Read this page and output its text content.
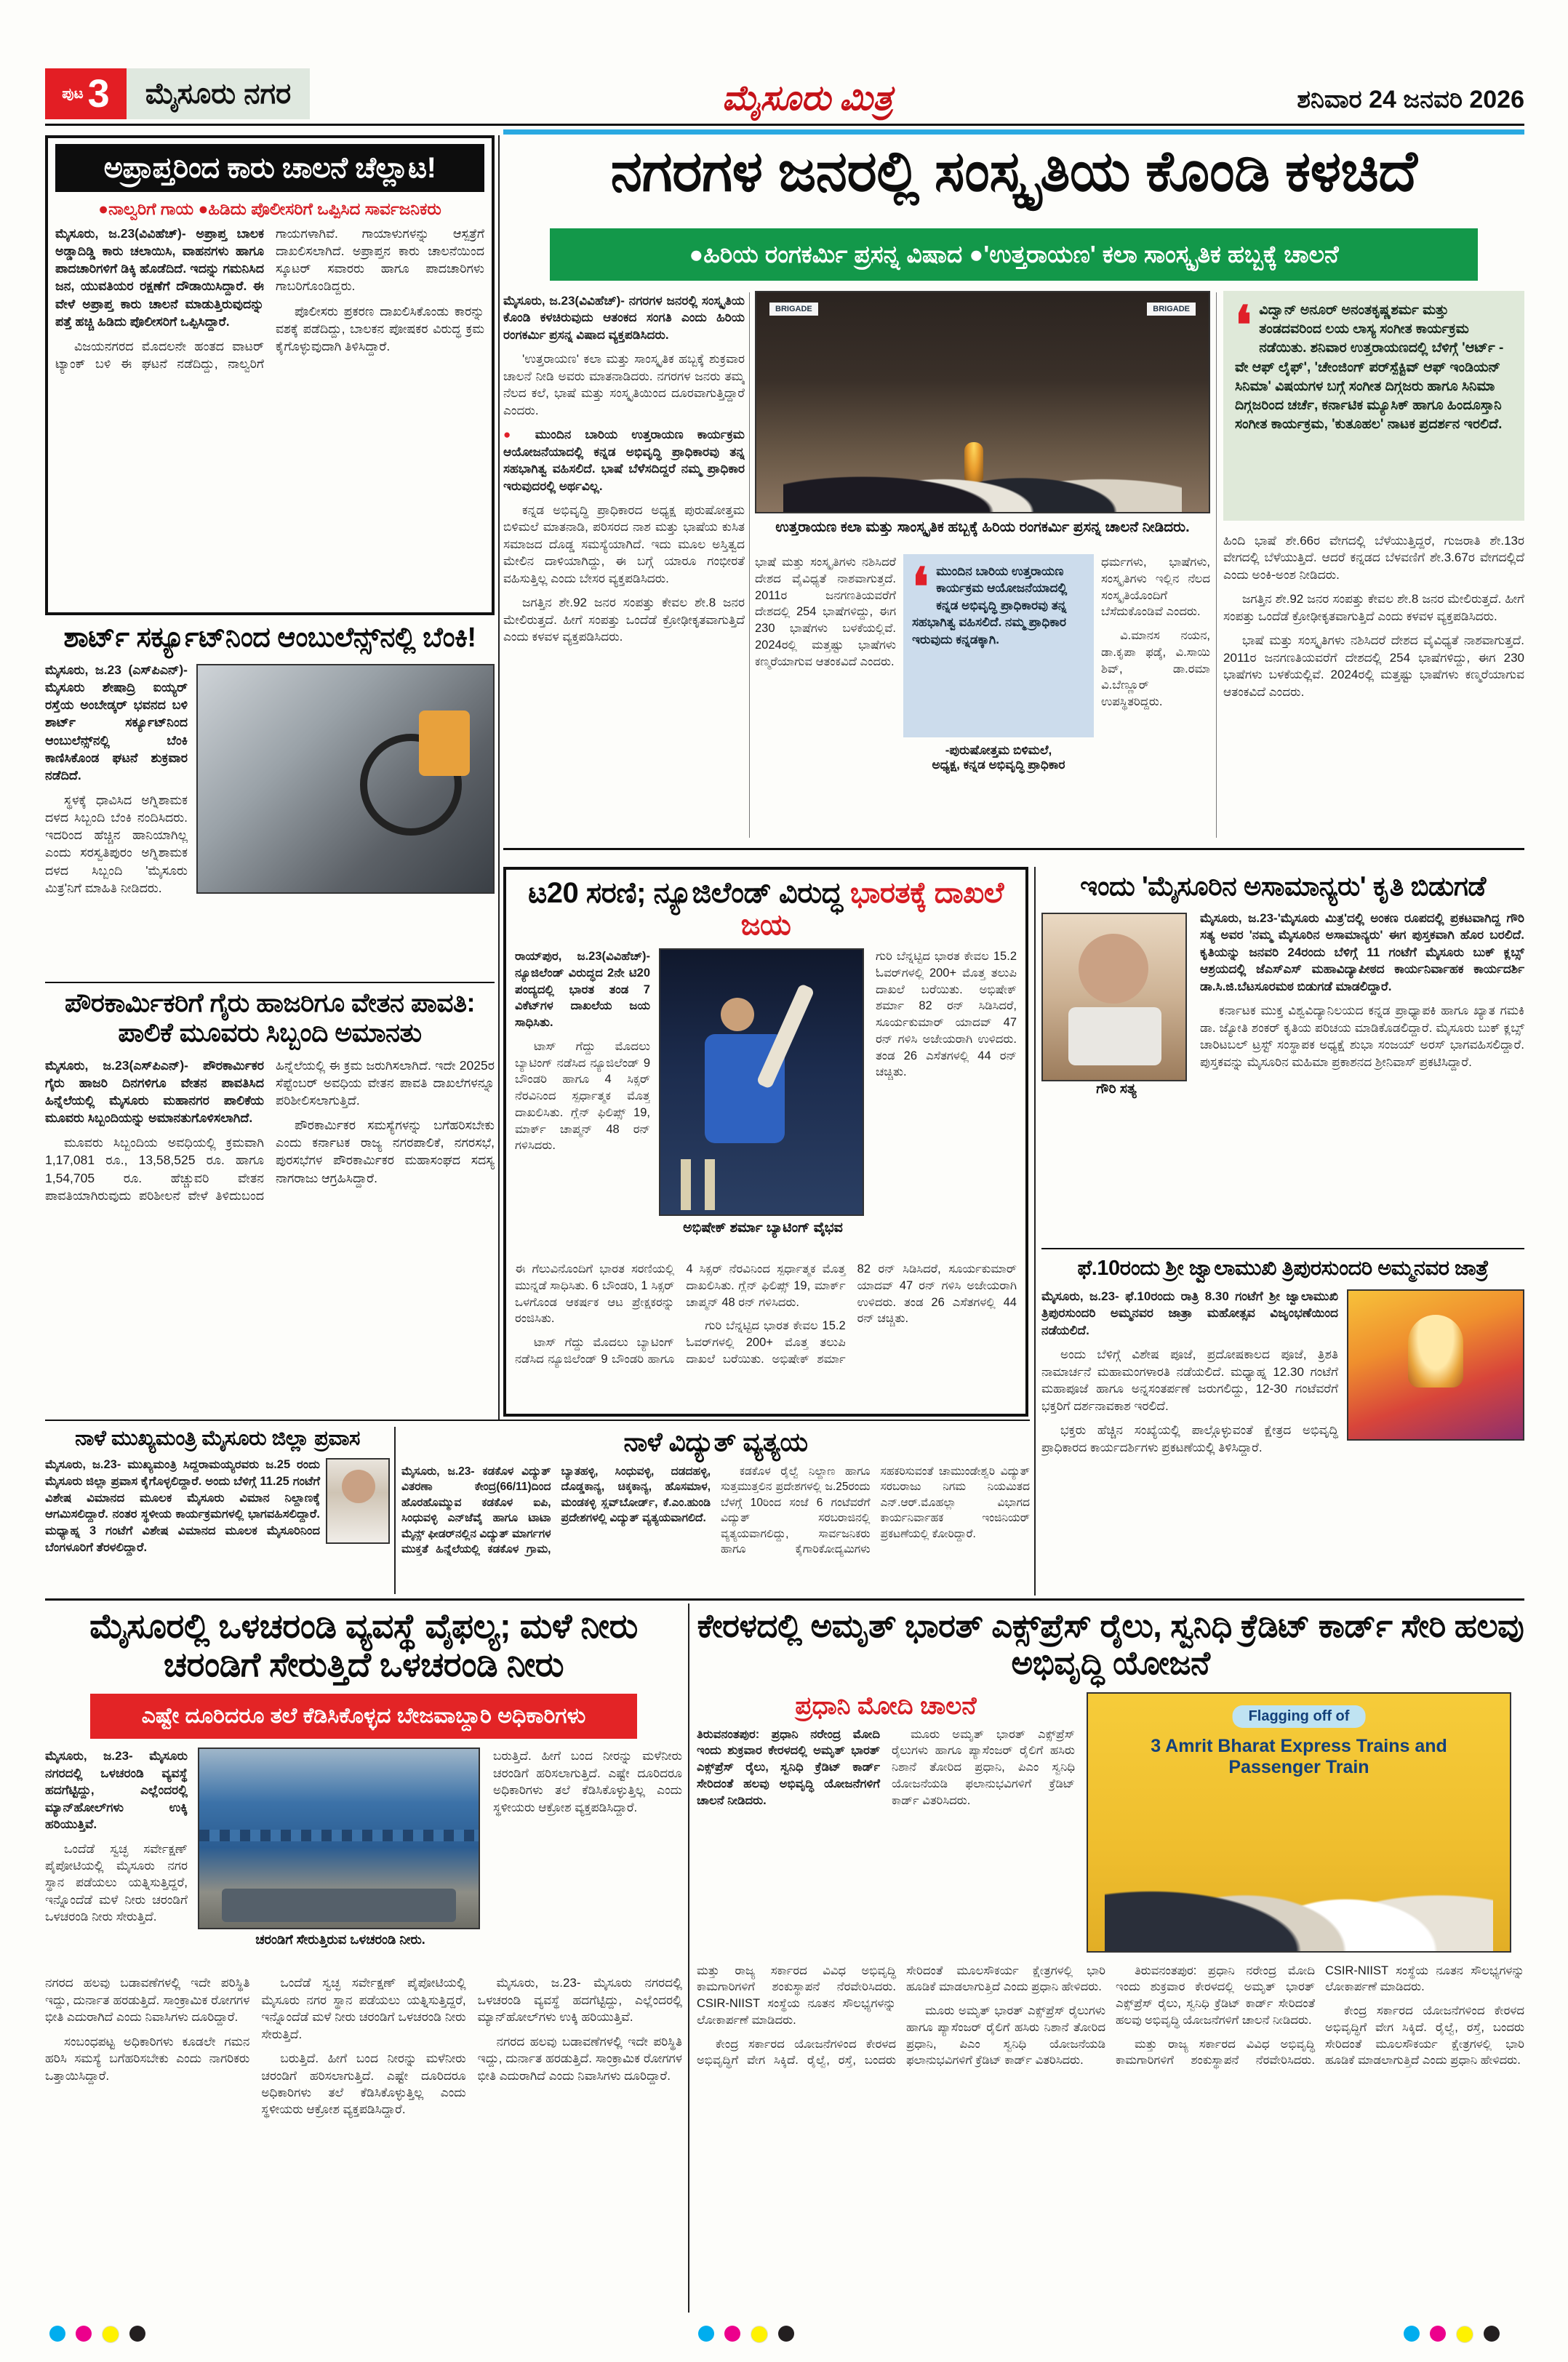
ಪುಟ 3 ಮೈಸೂರು ನಗರ	ಮೈಸೂರು ಮಿತ್ರ	ಶನಿವಾರ 24 ಜನವರಿ 2026
ಅಪ್ರಾಪ್ತರಿಂದ ಕಾರು ಚಾಲನೆ ಚೆಲ್ಲಾಟ!
●ನಾಲ್ವರಿಗೆ ಗಾಯ ●ಹಿಡಿದು ಪೊಲೀಸರಿಗೆ ಒಪ್ಪಿಸಿದ ಸಾರ್ವಜನಿಕರು

ಮೈಸೂರು, ಜ.23(ವಿವಿಹೆಚ್)- ಅಪ್ರಾಪ್ತ ಬಾಲಕ ಅಡ್ಡಾದಿಡ್ಡಿ ಕಾರು ಚಲಾಯಿಸಿ, ವಾಹನಗಳು ಹಾಗೂ ಪಾದಚಾರಿಗಳಿಗೆ ಡಿಕ್ಕಿ ಹೊಡೆದಿದೆ. ಇದನ್ನು ಗಮನಿಸಿದ ಜನ, ಯುವತಿಯರ ರಕ್ಷಣೆಗೆ ದೌಡಾಯಿಸಿದ್ದಾರೆ. ಈ ವೇಳೆ ಅಪ್ರಾಪ್ತ ಕಾರು ಚಾಲನೆ ಮಾಡುತ್ತಿರುವುದನ್ನು ಪತ್ತೆ ಹಚ್ಚಿ ಹಿಡಿದು ಪೊಲೀಸರಿಗೆ ಒಪ್ಪಿಸಿದ್ದಾರೆ.

ವಿಜಯನಗರದ ಮೊದಲನೇ ಹಂತದ ವಾಟರ್ ಟ್ಯಾಂಕ್ ಬಳಿ ಈ ಘಟನೆ ನಡೆದಿದ್ದು, ನಾಲ್ವರಿಗೆ ಗಾಯಗಳಾಗಿವೆ. ಗಾಯಾಳುಗಳನ್ನು ಆಸ್ಪತ್ರೆಗೆ ದಾಖಲಿಸಲಾಗಿದೆ. ಅಪ್ರಾಪ್ತನ ಕಾರು ಚಾಲನೆಯಿಂದ ಸ್ಕೂಟರ್ ಸವಾರರು ಹಾಗೂ ಪಾದಚಾರಿಗಳು ಗಾಬರಿಗೊಂಡಿದ್ದರು.

ಪೊಲೀಸರು ಪ್ರಕರಣ ದಾಖಲಿಸಿಕೊಂಡು ಕಾರನ್ನು ವಶಕ್ಕೆ ಪಡೆದಿದ್ದು, ಬಾಲಕನ ಪೋಷಕರ ವಿರುದ್ಧ ಕ್ರಮ ಕೈಗೊಳ್ಳುವುದಾಗಿ ತಿಳಿಸಿದ್ದಾರೆ.

ನಗರಗಳ ಜನರಲ್ಲಿ ಸಂಸ್ಕೃತಿಯ ಕೊಂಡಿ ಕಳಚಿದೆ
●ಹಿರಿಯ ರಂಗಕರ್ಮಿ ಪ್ರಸನ್ನ ವಿಷಾದ ●'ಉತ್ತರಾಯಣ' ಕಲಾ ಸಾಂಸ್ಕೃತಿಕ ಹಬ್ಬಕ್ಕೆ ಚಾಲನೆ

ಮೈಸೂರು, ಜ.23(ವಿವಿಹೆಚ್)- ನಗರಗಳ ಜನರಲ್ಲಿ ಸಂಸ್ಕೃತಿಯ ಕೊಂಡಿ ಕಳಚಿರುವುದು ಆತಂಕದ ಸಂಗತಿ ಎಂದು ಹಿರಿಯ ರಂಗಕರ್ಮಿ ಪ್ರಸನ್ನ ವಿಷಾದ ವ್ಯಕ್ತಪಡಿಸಿದರು.

'ಉತ್ತರಾಯಣ' ಕಲಾ ಮತ್ತು ಸಾಂಸ್ಕೃತಿಕ ಹಬ್ಬಕ್ಕೆ ಶುಕ್ರವಾರ ಚಾಲನೆ ನೀಡಿ ಅವರು ಮಾತನಾಡಿದರು. ನಗರಗಳ ಜನರು ತಮ್ಮ ನೆಲದ ಕಲೆ, ಭಾಷೆ ಮತ್ತು ಸಂಸ್ಕೃತಿಯಿಂದ ದೂರವಾಗುತ್ತಿದ್ದಾರೆ ಎಂದರು.

● ಮುಂದಿನ ಬಾರಿಯ ಉತ್ತರಾಯಣ ಕಾರ್ಯಕ್ರಮ ಆಯೋಜನೆಯಾದಲ್ಲಿ ಕನ್ನಡ ಅಭಿವೃದ್ಧಿ ಪ್ರಾಧಿಕಾರವು ತನ್ನ ಸಹಭಾಗಿತ್ವ ವಹಿಸಲಿದೆ. ಭಾಷೆ ಬೆಳೆಸದಿದ್ದರೆ ನಮ್ಮ ಪ್ರಾಧಿಕಾರ ಇರುವುದರಲ್ಲಿ ಅರ್ಥವಿಲ್ಲ.

ಕನ್ನಡ ಅಭಿವೃದ್ಧಿ ಪ್ರಾಧಿಕಾರದ ಅಧ್ಯಕ್ಷ ಪುರುಷೋತ್ತಮ ಬಿಳಿಮಲೆ ಮಾತನಾಡಿ, ಪರಿಸರದ ನಾಶ ಮತ್ತು ಭಾಷೆಯ ಕುಸಿತ ಸಮಾಜದ ದೊಡ್ಡ ಸಮಸ್ಯೆಯಾಗಿದೆ. ಇದು ಮೂಲ ಅಸ್ತಿತ್ವದ ಮೇಲಿನ ದಾಳಿಯಾಗಿದ್ದು, ಈ ಬಗ್ಗೆ ಯಾರೂ ಗಂಭೀರತೆ ವಹಿಸುತ್ತಿಲ್ಲ ಎಂದು ಬೇಸರ ವ್ಯಕ್ತಪಡಿಸಿದರು.

ಜಗತ್ತಿನ ಶೇ.92 ಜನರ ಸಂಪತ್ತು ಕೇವಲ ಶೇ.8 ಜನರ ಮೇಲಿರುತ್ತದೆ. ಹೀಗೆ ಸಂಪತ್ತು ಒಂದೆಡೆ ಕ್ರೋಢೀಕೃತವಾಗುತ್ತಿದೆ ಎಂದು ಕಳವಳ ವ್ಯಕ್ತಪಡಿಸಿದರು.

BRIGADE	BRIGADE
ಉತ್ತರಾಯಣ ಕಲಾ ಮತ್ತು ಸಾಂಸ್ಕೃತಿಕ ಹಬ್ಬಕ್ಕೆ ಹಿರಿಯ ರಂಗಕರ್ಮಿ ಪ್ರಸನ್ನ ಚಾಲನೆ ನೀಡಿದರು.

ಭಾಷೆ ಮತ್ತು ಸಂಸ್ಕೃತಿಗಳು ನಶಿಸಿದರೆ ದೇಶದ ವೈವಿಧ್ಯತೆ ನಾಶವಾಗುತ್ತದೆ. 2011ರ ಜನಗಣತಿಯವರೆಗೆ ದೇಶದಲ್ಲಿ 254 ಭಾಷೆಗಳಿದ್ದು, ಈಗ 230 ಭಾಷೆಗಳು ಬಳಕೆಯಲ್ಲಿವೆ. 2024ರಲ್ಲಿ ಮತ್ತಷ್ಟು ಭಾಷೆಗಳು ಕಣ್ಮರೆಯಾಗುವ ಆತಂಕವಿದೆ ಎಂದರು.

❛ ಮುಂದಿನ ಬಾರಿಯ ಉತ್ತರಾಯಣ ಕಾರ್ಯಕ್ರಮ ಆಯೋಜನೆಯಾದಲ್ಲಿ ಕನ್ನಡ ಅಭಿವೃದ್ಧಿ ಪ್ರಾಧಿಕಾರವು ತನ್ನ ಸಹಭಾಗಿತ್ವ ವಹಿಸಲಿದೆ. ನಮ್ಮ ಪ್ರಾಧಿಕಾರ ಇರುವುದು ಕನ್ನಡಕ್ಕಾಗಿ.
-ಪುರುಷೋತ್ತಮ ಬಿಳಿಮಲೆ,
ಅಧ್ಯಕ್ಷ, ಕನ್ನಡ ಅಭಿವೃದ್ಧಿ ಪ್ರಾಧಿಕಾರ

ಧರ್ಮಗಳು, ಭಾಷೆಗಳು, ಸಂಸ್ಕೃತಿಗಳು ಇಲ್ಲಿನ ನೆಲದ ಸಂಸ್ಕೃತಿಯೊಂದಿಗೆ ಬೆಸೆದುಕೊಂಡಿವೆ ಎಂದರು.

ವಿ.ಮಾನಸ ನಯನ, ಡಾ.ಕೃಪಾ ಫಡ್ಕೆ, ವಿ.ಸಾಯಿ ಶಿವ್, ಡಾ.ರಮಾ ವಿ.ಬೆಣ್ಣೂರ್ ಉಪಸ್ಥಿತರಿದ್ದರು.

❛ ವಿದ್ವಾನ್ ಅನೂರ್ ಅನಂತಕೃಷ್ಣಶರ್ಮ ಮತ್ತು ತಂಡದವರಿಂದ ಲಯ ಲಾಸ್ಯ ಸಂಗೀತ ಕಾರ್ಯಕ್ರಮ ನಡೆಯಿತು. ಶನಿವಾರ ಉತ್ತರಾಯಣದಲ್ಲಿ ಬೆಳಿಗ್ಗೆ 'ಆರ್ಟ್ - ವೇ ಆಫ್ ಲೈಫ್', 'ಚೇಂಜಿಂಗ್ ಪರ್‌ಸ್ಪೆಕ್ಟಿವ್ ಆಫ್ ಇಂಡಿಯನ್ ಸಿನಿಮಾ' ವಿಷಯಗಳ ಬಗ್ಗೆ ಸಂಗೀತ ದಿಗ್ಗಜರು ಹಾಗೂ ಸಿನಿಮಾ ದಿಗ್ಗಜರಿಂದ ಚರ್ಚೆ, ಕರ್ನಾಟಿಕ ಮ್ಯೂಸಿಕ್ ಹಾಗೂ ಹಿಂದೂಸ್ತಾನಿ ಸಂಗೀತ ಕಾರ್ಯಕ್ರಮ, 'ಕುತೂಹಲ' ನಾಟಕ ಪ್ರದರ್ಶನ ಇರಲಿದೆ.

ಹಿಂದಿ ಭಾಷೆ ಶೇ.66ರ ವೇಗದಲ್ಲಿ ಬೆಳೆಯುತ್ತಿದ್ದರೆ, ಗುಜರಾತಿ ಶೇ.13ರ ವೇಗದಲ್ಲಿ ಬೆಳೆಯುತ್ತಿದೆ. ಆದರೆ ಕನ್ನಡದ ಬೆಳವಣಿಗೆ ಶೇ.3.67ರ ವೇಗದಲ್ಲಿದೆ ಎಂದು ಅಂಕಿ-ಅಂಶ ನೀಡಿದರು.

ಜಗತ್ತಿನ ಶೇ.92 ಜನರ ಸಂಪತ್ತು ಕೇವಲ ಶೇ.8 ಜನರ ಮೇಲಿರುತ್ತದೆ. ಹೀಗೆ ಸಂಪತ್ತು ಒಂದೆಡೆ ಕ್ರೋಢೀಕೃತವಾಗುತ್ತಿದೆ ಎಂದು ಕಳವಳ ವ್ಯಕ್ತಪಡಿಸಿದರು.

ಭಾಷೆ ಮತ್ತು ಸಂಸ್ಕೃತಿಗಳು ನಶಿಸಿದರೆ ದೇಶದ ವೈವಿಧ್ಯತೆ ನಾಶವಾಗುತ್ತದೆ. 2011ರ ಜನಗಣತಿಯವರೆಗೆ ದೇಶದಲ್ಲಿ 254 ಭಾಷೆಗಳಿದ್ದು, ಈಗ 230 ಭಾಷೆಗಳು ಬಳಕೆಯಲ್ಲಿವೆ. 2024ರಲ್ಲಿ ಮತ್ತಷ್ಟು ಭಾಷೆಗಳು ಕಣ್ಮರೆಯಾಗುವ ಆತಂಕವಿದೆ ಎಂದರು.

ಶಾರ್ಟ್ ಸರ್ಕ್ಯೂಟ್‌ನಿಂದ ಆಂಬುಲೆನ್ಸ್‌ನಲ್ಲಿ ಬೆಂಕಿ!

ಮೈಸೂರು, ಜ.23 (ಎಸ್‌ಪಿಎನ್)- ಮೈಸೂರು ಶೇಷಾದ್ರಿ ಐಯ್ಯರ್ ರಸ್ತೆಯ ಅಂಬೇಡ್ಕರ್ ಭವನದ ಬಳಿ ಶಾರ್ಟ್ ಸರ್ಕ್ಯೂಟ್‌ನಿಂದ ಆಂಬುಲೆನ್ಸ್‌ನಲ್ಲಿ ಬೆಂಕಿ ಕಾಣಿಸಿಕೊಂಡ ಘಟನೆ ಶುಕ್ರವಾರ ನಡೆದಿದೆ.

ಸ್ಥಳಕ್ಕೆ ಧಾವಿಸಿದ ಅಗ್ನಿಶಾಮಕ ದಳದ ಸಿಬ್ಬಂದಿ ಬೆಂಕಿ ನಂದಿಸಿದರು. ಇದರಿಂದ ಹೆಚ್ಚಿನ ಹಾನಿಯಾಗಿಲ್ಲ ಎಂದು ಸರಸ್ವತಿಪುರಂ ಅಗ್ನಿಶಾಮಕ ದಳದ ಸಿಬ್ಬಂದಿ 'ಮೈಸೂರು ಮಿತ್ರ'ನಿಗೆ ಮಾಹಿತಿ ನೀಡಿದರು.

ಪೌರಕಾರ್ಮಿಕರಿಗೆ ಗೈರು ಹಾಜರಿಗೂ ವೇತನ ಪಾವತಿ: ಪಾಲಿಕೆ ಮೂವರು ಸಿಬ್ಬಂದಿ ಅಮಾನತು

ಮೈಸೂರು, ಜ.23(ಎಸ್‌ಪಿಎನ್)- ಪೌರಕಾರ್ಮಿಕರ ಗೈರು ಹಾಜರಿ ದಿನಗಳಿಗೂ ವೇತನ ಪಾವತಿಸಿದ ಹಿನ್ನೆಲೆಯಲ್ಲಿ ಮೈಸೂರು ಮಹಾನಗರ ಪಾಲಿಕೆಯ ಮೂವರು ಸಿಬ್ಬಂದಿಯನ್ನು ಅಮಾನತುಗೊಳಿಸಲಾಗಿದೆ.

ಮೂವರು ಸಿಬ್ಬಂದಿಯ ಅವಧಿಯಲ್ಲಿ ಕ್ರಮವಾಗಿ 1,17,081 ರೂ., 13,58,525 ರೂ. ಹಾಗೂ 1,54,705 ರೂ. ಹೆಚ್ಚುವರಿ ವೇತನ ಪಾವತಿಯಾಗಿರುವುದು ಪರಿಶೀಲನೆ ವೇಳೆ ತಿಳಿದುಬಂದ ಹಿನ್ನೆಲೆಯಲ್ಲಿ ಈ ಕ್ರಮ ಜರುಗಿಸಲಾಗಿದೆ. ಇದೇ 2025ರ ಸೆಪ್ಟೆಂಬರ್ ಅವಧಿಯ ವೇತನ ಪಾವತಿ ದಾಖಲೆಗಳನ್ನೂ ಪರಿಶೀಲಿಸಲಾಗುತ್ತಿದೆ.

ಪೌರಕಾರ್ಮಿಕರ ಸಮಸ್ಯೆಗಳನ್ನು ಬಗೆಹರಿಸಬೇಕು ಎಂದು ಕರ್ನಾಟಕ ರಾಜ್ಯ ನಗರಪಾಲಿಕೆ, ನಗರಸಭೆ, ಪುರಸಭೆಗಳ ಪೌರಕಾರ್ಮಿಕರ ಮಹಾಸಂಘದ ಸದಸ್ಯ ನಾಗರಾಜು ಆಗ್ರಹಿಸಿದ್ದಾರೆ.

ನಾಳೆ ಮುಖ್ಯಮಂತ್ರಿ ಮೈಸೂರು ಜಿಲ್ಲಾ ಪ್ರವಾಸ

ಮೈಸೂರು, ಜ.23- ಮುಖ್ಯಮಂತ್ರಿ ಸಿದ್ದರಾಮಯ್ಯರವರು ಜ.25 ರಂದು ಮೈಸೂರು ಜಿಲ್ಲಾ ಪ್ರವಾಸ ಕೈಗೊಳ್ಳಲಿದ್ದಾರೆ. ಅಂದು ಬೆಳಿಗ್ಗೆ 11.25 ಗಂಟೆಗೆ ವಿಶೇಷ ವಿಮಾನದ ಮೂಲಕ ಮೈಸೂರು ವಿಮಾನ ನಿಲ್ದಾಣಕ್ಕೆ ಆಗಮಿಸಲಿದ್ದಾರೆ. ನಂತರ ಸ್ಥಳೀಯ ಕಾರ್ಯಕ್ರಮಗಳಲ್ಲಿ ಭಾಗವಹಿಸಲಿದ್ದಾರೆ. ಮಧ್ಯಾಹ್ನ 3 ಗಂಟೆಗೆ ವಿಶೇಷ ವಿಮಾನದ ಮೂಲಕ ಮೈಸೂರಿನಿಂದ ಬೆಂಗಳೂರಿಗೆ ತೆರಳಲಿದ್ದಾರೆ.

ನಾಳೆ ವಿದ್ಯುತ್ ವ್ಯತ್ಯಯ

ಮೈಸೂರು, ಜ.23- ಕಡಕೊಳ ವಿದ್ಯುತ್ ವಿತರಣಾ ಕೇಂದ್ರ(66/11)ದಿಂದ ಹೊರಹೊಮ್ಮುವ ಕಡಕೊಳ ಐಪಿ, ಸಿಂಧುವಳ್ಳಿ ಎನ್‌ಜೆವೈ ಹಾಗೂ ಟಾಟಾ ಮೈನ್ಸ್ ಫೀಡರ್‌ನಲ್ಲಿನ ವಿದ್ಯುತ್ ಮಾರ್ಗಗಳ ಮುಕ್ತತೆ ಹಿನ್ನೆಲೆಯಲ್ಲಿ ಕಡಕೊಳ ಗ್ರಾಮ, ಬ್ಯಾತಹಳ್ಳಿ, ಸಿಂಧುವಳ್ಳಿ, ದಡದಹಳ್ಳಿ, ದೊಡ್ಡಕಾನ್ಯ, ಚಿಕ್ಕಕಾನ್ಯ, ಹೊಸಮಾಳ, ಮಂಡಕಳ್ಳಿ ಸ್ಲವ್‌ಬೋರ್ಡ್, ಕೆ.ಎಂ.ಹುಂಡಿ ಪ್ರದೇಶಗಳಲ್ಲಿ ವಿದ್ಯುತ್ ವ್ಯತ್ಯಯವಾಗಲಿದೆ.

ಕಡಕೊಳ ರೈಲ್ವೆ ನಿಲ್ದಾಣ ಹಾಗೂ ಸುತ್ತಮುತ್ತಲಿನ ಪ್ರದೇಶಗಳಲ್ಲಿ ಜ.25ರಂದು ಬೆಳಗ್ಗೆ 10ರಿಂದ ಸಂಜೆ 6 ಗಂಟೆವರೆಗೆ ವಿದ್ಯುತ್ ಸರಬರಾಜಿನಲ್ಲಿ ವ್ಯತ್ಯಯವಾಗಲಿದ್ದು, ಸಾರ್ವಜನಿಕರು ಹಾಗೂ ಕೈಗಾರಿಕೋದ್ಯಮಿಗಳು ಸಹಕರಿಸುವಂತೆ ಚಾಮುಂಡೇಶ್ವರಿ ವಿದ್ಯುತ್ ಸರಬರಾಜು ನಿಗಮ ನಿಯಮಿತದ ಎನ್.ಆರ್.ಮೊಹಲ್ಲಾ ವಿಭಾಗದ ಕಾರ್ಯನಿರ್ವಾಹಕ ಇಂಜಿನಿಯರ್ ಪ್ರಕಟಣೆಯಲ್ಲಿ ಕೋರಿದ್ದಾರೆ.

ಟ20 ಸರಣಿ; ನ್ಯೂಜಿಲೆಂಡ್ ವಿರುದ್ಧ ಭಾರತಕ್ಕೆ ದಾಖಲೆ ಜಯ

ರಾಯ್‌ಪುರ, ಜ.23(ವಿವಿಹೆಚ್)- ನ್ಯೂಜಿಲೆಂಡ್ ವಿರುದ್ಧದ 2ನೇ ಟಿ20 ಪಂದ್ಯದಲ್ಲಿ ಭಾರತ ತಂಡ 7 ವಿಕೆಟ್‌ಗಳ ದಾಖಲೆಯ ಜಯ ಸಾಧಿಸಿತು.

ಟಾಸ್ ಗೆದ್ದು ಮೊದಲು ಬ್ಯಾಟಿಂಗ್ ನಡೆಸಿದ ನ್ಯೂಜಿಲೆಂಡ್ 9 ಬೌಂಡರಿ ಹಾಗೂ 4 ಸಿಕ್ಸರ್ ನೆರವಿನಿಂದ ಸ್ಪರ್ಧಾತ್ಮಕ ಮೊತ್ತ ದಾಖಲಿಸಿತು. ಗ್ಲೆನ್ ಫಿಲಿಪ್ಸ್ 19, ಮಾರ್ಕ್ ಚಾಪ್ಮನ್ 48 ರನ್ ಗಳಿಸಿದರು.

ಅಭಿಷೇಕ್ ಶರ್ಮಾ ಬ್ಯಾಟಿಂಗ್ ವೈಭವ

ಗುರಿ ಬೆನ್ನಟ್ಟಿದ ಭಾರತ ಕೇವಲ 15.2 ಓವರ್‌ಗಳಲ್ಲಿ 200+ ಮೊತ್ತ ತಲುಪಿ ದಾಖಲೆ ಬರೆಯಿತು. ಅಭಿಷೇಕ್ ಶರ್ಮಾ 82 ರನ್ ಸಿಡಿಸಿದರೆ, ಸೂರ್ಯಕುಮಾರ್ ಯಾದವ್ 47 ರನ್ ಗಳಿಸಿ ಅಜೇಯರಾಗಿ ಉಳಿದರು. ತಂಡ 26 ಎಸೆತಗಳಲ್ಲಿ 44 ರನ್ ಚಚ್ಚಿತು.

ಈ ಗೆಲುವಿನೊಂದಿಗೆ ಭಾರತ ಸರಣಿಯಲ್ಲಿ ಮುನ್ನಡೆ ಸಾಧಿಸಿತು. 6 ಬೌಂಡರಿ, 1 ಸಿಕ್ಸರ್ ಒಳಗೊಂಡ ಆಕರ್ಷಕ ಆಟ ಪ್ರೇಕ್ಷಕರನ್ನು ರಂಜಿಸಿತು.

ಟಾಸ್ ಗೆದ್ದು ಮೊದಲು ಬ್ಯಾಟಿಂಗ್ ನಡೆಸಿದ ನ್ಯೂಜಿಲೆಂಡ್ 9 ಬೌಂಡರಿ ಹಾಗೂ 4 ಸಿಕ್ಸರ್ ನೆರವಿನಿಂದ ಸ್ಪರ್ಧಾತ್ಮಕ ಮೊತ್ತ ದಾಖಲಿಸಿತು. ಗ್ಲೆನ್ ಫಿಲಿಪ್ಸ್ 19, ಮಾರ್ಕ್ ಚಾಪ್ಮನ್ 48 ರನ್ ಗಳಿಸಿದರು.

ಗುರಿ ಬೆನ್ನಟ್ಟಿದ ಭಾರತ ಕೇವಲ 15.2 ಓವರ್‌ಗಳಲ್ಲಿ 200+ ಮೊತ್ತ ತಲುಪಿ ದಾಖಲೆ ಬರೆಯಿತು. ಅಭಿಷೇಕ್ ಶರ್ಮಾ 82 ರನ್ ಸಿಡಿಸಿದರೆ, ಸೂರ್ಯಕುಮಾರ್ ಯಾದವ್ 47 ರನ್ ಗಳಿಸಿ ಅಜೇಯರಾಗಿ ಉಳಿದರು. ತಂಡ 26 ಎಸೆತಗಳಲ್ಲಿ 44 ರನ್ ಚಚ್ಚಿತು.

ಇಂದು 'ಮೈಸೂರಿನ ಅಸಾಮಾನ್ಯರು' ಕೃತಿ ಬಿಡುಗಡೆ
ಗೌರಿ ಸತ್ಯ

ಮೈಸೂರು, ಜ.23-'ಮೈಸೂರು ಮಿತ್ರ'ದಲ್ಲಿ ಅಂಕಣ ರೂಪದಲ್ಲಿ ಪ್ರಕಟವಾಗಿದ್ದ ಗೌರಿ ಸತ್ಯ ಅವರ 'ನಮ್ಮ ಮೈಸೂರಿನ ಅಸಾಮಾನ್ಯರು' ಈಗ ಪುಸ್ತಕವಾಗಿ ಹೊರ ಬರಲಿದೆ. ಕೃತಿಯನ್ನು ಜನವರಿ 24ರಂದು ಬೆಳಿಗ್ಗೆ 11 ಗಂಟೆಗೆ ಮೈಸೂರು ಬುಕ್ ಕ್ಲಬ್ಸ್ ಆಶ್ರಯದಲ್ಲಿ ಜೆಎಸ್‌ಎಸ್ ಮಹಾವಿದ್ಯಾಪೀಠದ ಕಾರ್ಯನಿರ್ವಾಹಕ ಕಾರ್ಯದರ್ಶಿ ಡಾ.ಸಿ.ಜಿ.ಬೆಟಸೂರಮಠ ಬಿಡುಗಡೆ ಮಾಡಲಿದ್ದಾರೆ.

ಕರ್ನಾಟಕ ಮುಕ್ತ ವಿಶ್ವವಿದ್ಯಾನಿಲಯದ ಕನ್ನಡ ಪ್ರಾಧ್ಯಾಪಕಿ ಹಾಗೂ ಖ್ಯಾತ ಗಮಕಿ ಡಾ. ಜ್ಯೋತಿ ಶಂಕರ್ ಕೃತಿಯ ಪರಿಚಯ ಮಾಡಿಕೊಡಲಿದ್ದಾರೆ. ಮೈಸೂರು ಬುಕ್ ಕ್ಲಬ್ಸ್ ಚಾರಿಟಬಲ್ ಟ್ರಸ್ಟ್ ಸಂಸ್ಥಾಪಕ ಅಧ್ಯಕ್ಷೆ ಶುಭಾ ಸಂಜಯ್ ಅರಸ್ ಭಾಗವಹಿಸಲಿದ್ದಾರೆ. ಪುಸ್ತಕವನ್ನು ಮೈಸೂರಿನ ಮಹಿಮಾ ಪ್ರಕಾಶನದ ಶ್ರೀನಿವಾಸ್ ಪ್ರಕಟಿಸಿದ್ದಾರೆ.

ಫೆ.10ರಂದು ಶ್ರೀ ಜ್ವಾಲಾಮುಖಿ ತ್ರ‍ಿಪುರಸುಂದರಿ ಅಮ್ಮನವರ ಜಾತ್ರೆ

ಮೈಸೂರು, ಜ.23- ಫೆ.10ರಂದು ರಾತ್ರಿ 8.30 ಗಂಟೆಗೆ ಶ್ರೀ ಜ್ವಾಲಾಮುಖಿ ತ್ರಿಪುರಸುಂದರಿ ಅಮ್ಮನವರ ಜಾತ್ರಾ ಮಹೋತ್ಸವ ವಿಜೃಂಭಣೆಯಿಂದ ನಡೆಯಲಿದೆ.

ಅಂದು ಬೆಳಿಗ್ಗೆ ವಿಶೇಷ ಪೂಜೆ, ಪ್ರದೋಷಕಾಲದ ಪೂಜೆ, ತ್ರಿಶತಿ ನಾಮಾರ್ಚನೆ ಮಹಾಮಂಗಳಾರತಿ ನಡೆಯಲಿದೆ. ಮಧ್ಯಾಹ್ನ 12.30 ಗಂಟೆಗೆ ಮಹಾಪೂಜೆ ಹಾಗೂ ಅನ್ನಸಂತರ್ಪಣೆ ಜರುಗಲಿದ್ದು, 12-30 ಗಂಟೆವರೆಗೆ ಭಕ್ತರಿಗೆ ದರ್ಶನಾವಕಾಶ ಇರಲಿದೆ.

ಭಕ್ತರು ಹೆಚ್ಚಿನ ಸಂಖ್ಯೆಯಲ್ಲಿ ಪಾಲ್ಗೊಳ್ಳುವಂತೆ ಕ್ಷೇತ್ರದ ಅಭಿವೃದ್ಧಿ ಪ್ರಾಧಿಕಾರದ ಕಾರ್ಯದರ್ಶಿಗಳು ಪ್ರಕಟಣೆಯಲ್ಲಿ ತಿಳಿಸಿದ್ದಾರೆ.

ಮೈಸೂರಲ್ಲಿ ಒಳಚರಂಡಿ ವ್ಯವಸ್ಥೆ ವೈಫಲ್ಯ; ಮಳೆ ನೀರು ಚರಂಡಿಗೆ ಸೇರುತ್ತಿದೆ ಒಳಚರಂಡಿ ನೀರು
ಎಷ್ಟೇ ದೂರಿದರೂ ತಲೆ ಕೆಡಿಸಿಕೊಳ್ಳದ ಬೇಜವಾಬ್ದಾರಿ ಅಧಿಕಾರಿಗಳು

ಮೈಸೂರು, ಜ.23- ಮೈಸೂರು ನಗರದಲ್ಲಿ ಒಳಚರಂಡಿ ವ್ಯವಸ್ಥೆ ಹದಗೆಟ್ಟಿದ್ದು, ಎಲ್ಲೆಂದರಲ್ಲಿ ಮ್ಯಾನ್‌ಹೋಲ್‌ಗಳು ಉಕ್ಕಿ ಹರಿಯುತ್ತಿವೆ.

ಒಂದೆಡೆ ಸ್ವಚ್ಛ ಸರ್ವೇಕ್ಷಣ್ ಪೈಪೋಟಿಯಲ್ಲಿ ಮೈಸೂರು ನಗರ ಸ್ಥಾನ ಪಡೆಯಲು ಯತ್ನಿಸುತ್ತಿದ್ದರೆ, ಇನ್ನೊಂದೆಡೆ ಮಳೆ ನೀರು ಚರಂಡಿಗೆ ಒಳಚರಂಡಿ ನೀರು ಸೇರುತ್ತಿದೆ.

ಚರಂಡಿಗೆ ಸೇರುತ್ತಿರುವ ಒಳಚರಂಡಿ ನೀರು.

ಬರುತ್ತಿದೆ. ಹೀಗೆ ಬಂದ ನೀರನ್ನು ಮಳೆನೀರು ಚರಂಡಿಗೆ ಹರಿಸಲಾಗುತ್ತಿದೆ. ಎಷ್ಟೇ ದೂರಿದರೂ ಅಧಿಕಾರಿಗಳು ತಲೆ ಕೆಡಿಸಿಕೊಳ್ಳುತ್ತಿಲ್ಲ ಎಂದು ಸ್ಥಳೀಯರು ಆಕ್ರೋಶ ವ್ಯಕ್ತಪಡಿಸಿದ್ದಾರೆ.

ನಗರದ ಹಲವು ಬಡಾವಣೆಗಳಲ್ಲಿ ಇದೇ ಪರಿಸ್ಥಿತಿ ಇದ್ದು, ದುರ್ನಾತ ಹರಡುತ್ತಿದೆ. ಸಾಂಕ್ರಾಮಿಕ ರೋಗಗಳ ಭೀತಿ ಎದುರಾಗಿದೆ ಎಂದು ನಿವಾಸಿಗಳು ದೂರಿದ್ದಾರೆ.

ಸಂಬಂಧಪಟ್ಟ ಅಧಿಕಾರಿಗಳು ಕೂಡಲೇ ಗಮನ ಹರಿಸಿ ಸಮಸ್ಯೆ ಬಗೆಹರಿಸಬೇಕು ಎಂದು ನಾಗರಿಕರು ಒತ್ತಾಯಿಸಿದ್ದಾರೆ.

ಒಂದೆಡೆ ಸ್ವಚ್ಛ ಸರ್ವೇಕ್ಷಣ್ ಪೈಪೋಟಿಯಲ್ಲಿ ಮೈಸೂರು ನಗರ ಸ್ಥಾನ ಪಡೆಯಲು ಯತ್ನಿಸುತ್ತಿದ್ದರೆ, ಇನ್ನೊಂದೆಡೆ ಮಳೆ ನೀರು ಚರಂಡಿಗೆ ಒಳಚರಂಡಿ ನೀರು ಸೇರುತ್ತಿದೆ.

ಬರುತ್ತಿದೆ. ಹೀಗೆ ಬಂದ ನೀರನ್ನು ಮಳೆನೀರು ಚರಂಡಿಗೆ ಹರಿಸಲಾಗುತ್ತಿದೆ. ಎಷ್ಟೇ ದೂರಿದರೂ ಅಧಿಕಾರಿಗಳು ತಲೆ ಕೆಡಿಸಿಕೊಳ್ಳುತ್ತಿಲ್ಲ ಎಂದು ಸ್ಥಳೀಯರು ಆಕ್ರೋಶ ವ್ಯಕ್ತಪಡಿಸಿದ್ದಾರೆ.

ಮೈಸೂರು, ಜ.23- ಮೈಸೂರು ನಗರದಲ್ಲಿ ಒಳಚರಂಡಿ ವ್ಯವಸ್ಥೆ ಹದಗೆಟ್ಟಿದ್ದು, ಎಲ್ಲೆಂದರಲ್ಲಿ ಮ್ಯಾನ್‌ಹೋಲ್‌ಗಳು ಉಕ್ಕಿ ಹರಿಯುತ್ತಿವೆ.

ನಗರದ ಹಲವು ಬಡಾವಣೆಗಳಲ್ಲಿ ಇದೇ ಪರಿಸ್ಥಿತಿ ಇದ್ದು, ದುರ್ನಾತ ಹರಡುತ್ತಿದೆ. ಸಾಂಕ್ರಾಮಿಕ ರೋಗಗಳ ಭೀತಿ ಎದುರಾಗಿದೆ ಎಂದು ನಿವಾಸಿಗಳು ದೂರಿದ್ದಾರೆ.

ಕೇರಳದಲ್ಲಿ ಅಮೃತ್ ಭಾರತ್ ಎಕ್ಸ್‌ಪ್ರೆಸ್ ರೈಲು, ಸ್ವನಿಧಿ ಕ್ರೆಡಿಟ್ ಕಾರ್ಡ್ ಸೇರಿ ಹಲವು ಅಭಿವೃದ್ಧಿ ಯೋಜನೆ
ಪ್ರಧಾನಿ ಮೋದಿ ಚಾಲನೆ

ತಿರುವನಂತಪುರ: ಪ್ರಧಾನಿ ನರೇಂದ್ರ ಮೋದಿ ಇಂದು ಶುಕ್ರವಾರ ಕೇರಳದಲ್ಲಿ ಅಮೃತ್ ಭಾರತ್ ಎಕ್ಸ್‌ಪ್ರೆಸ್ ರೈಲು, ಸ್ವನಿಧಿ ಕ್ರೆಡಿಟ್ ಕಾರ್ಡ್ ಸೇರಿದಂತೆ ಹಲವು ಅಭಿವೃದ್ಧಿ ಯೋಜನೆಗಳಿಗೆ ಚಾಲನೆ ನೀಡಿದರು.

ಮೂರು ಅಮೃತ್ ಭಾರತ್ ಎಕ್ಸ್‌ಪ್ರೆಸ್ ರೈಲುಗಳು ಹಾಗೂ ಪ್ಯಾಸೆಂಜರ್ ರೈಲಿಗೆ ಹಸಿರು ನಿಶಾನೆ ತೋರಿದ ಪ್ರಧಾನಿ, ಪಿಎಂ ಸ್ವನಿಧಿ ಯೋಜನೆಯಡಿ ಫಲಾನುಭವಿಗಳಿಗೆ ಕ್ರೆಡಿಟ್ ಕಾರ್ಡ್ ವಿತರಿಸಿದರು.

Flagging off of
3 Amrit Bharat Express Trains and Passenger Train

ಮತ್ತು ರಾಜ್ಯ ಸರ್ಕಾರದ ವಿವಿಧ ಅಭಿವೃದ್ಧಿ ಕಾಮಗಾರಿಗಳಿಗೆ ಶಂಕುಸ್ಥಾಪನೆ ನೆರವೇರಿಸಿದರು. CSIR-NIIST ಸಂಸ್ಥೆಯ ನೂತನ ಸೌಲಭ್ಯಗಳನ್ನು ಲೋಕಾರ್ಪಣೆ ಮಾಡಿದರು.

ಕೇಂದ್ರ ಸರ್ಕಾರದ ಯೋಜನೆಗಳಿಂದ ಕೇರಳದ ಅಭಿವೃದ್ಧಿಗೆ ವೇಗ ಸಿಕ್ಕಿದೆ. ರೈಲ್ವೆ, ರಸ್ತೆ, ಬಂದರು ಸೇರಿದಂತೆ ಮೂಲಸೌಕರ್ಯ ಕ್ಷೇತ್ರಗಳಲ್ಲಿ ಭಾರಿ ಹೂಡಿಕೆ ಮಾಡಲಾಗುತ್ತಿದೆ ಎಂದು ಪ್ರಧಾನಿ ಹೇಳಿದರು.

ಮೂರು ಅಮೃತ್ ಭಾರತ್ ಎಕ್ಸ್‌ಪ್ರೆಸ್ ರೈಲುಗಳು ಹಾಗೂ ಪ್ಯಾಸೆಂಜರ್ ರೈಲಿಗೆ ಹಸಿರು ನಿಶಾನೆ ತೋರಿದ ಪ್ರಧಾನಿ, ಪಿಎಂ ಸ್ವನಿಧಿ ಯೋಜನೆಯಡಿ ಫಲಾನುಭವಿಗಳಿಗೆ ಕ್ರೆಡಿಟ್ ಕಾರ್ಡ್ ವಿತರಿಸಿದರು.

ತಿರುವನಂತಪುರ: ಪ್ರಧಾನಿ ನರೇಂದ್ರ ಮೋದಿ ಇಂದು ಶುಕ್ರವಾರ ಕೇರಳದಲ್ಲಿ ಅಮೃತ್ ಭಾರತ್ ಎಕ್ಸ್‌ಪ್ರೆಸ್ ರೈಲು, ಸ್ವನಿಧಿ ಕ್ರೆಡಿಟ್ ಕಾರ್ಡ್ ಸೇರಿದಂತೆ ಹಲವು ಅಭಿವೃದ್ಧಿ ಯೋಜನೆಗಳಿಗೆ ಚಾಲನೆ ನೀಡಿದರು.

ಮತ್ತು ರಾಜ್ಯ ಸರ್ಕಾರದ ವಿವಿಧ ಅಭಿವೃದ್ಧಿ ಕಾಮಗಾರಿಗಳಿಗೆ ಶಂಕುಸ್ಥಾಪನೆ ನೆರವೇರಿಸಿದರು. CSIR-NIIST ಸಂಸ್ಥೆಯ ನೂತನ ಸೌಲಭ್ಯಗಳನ್ನು ಲೋಕಾರ್ಪಣೆ ಮಾಡಿದರು.

ಕೇಂದ್ರ ಸರ್ಕಾರದ ಯೋಜನೆಗಳಿಂದ ಕೇರಳದ ಅಭಿವೃದ್ಧಿಗೆ ವೇಗ ಸಿಕ್ಕಿದೆ. ರೈಲ್ವೆ, ರಸ್ತೆ, ಬಂದರು ಸೇರಿದಂತೆ ಮೂಲಸೌಕರ್ಯ ಕ್ಷೇತ್ರಗಳಲ್ಲಿ ಭಾರಿ ಹೂಡಿಕೆ ಮಾಡಲಾಗುತ್ತಿದೆ ಎಂದು ಪ್ರಧಾನಿ ಹೇಳಿದರು.
